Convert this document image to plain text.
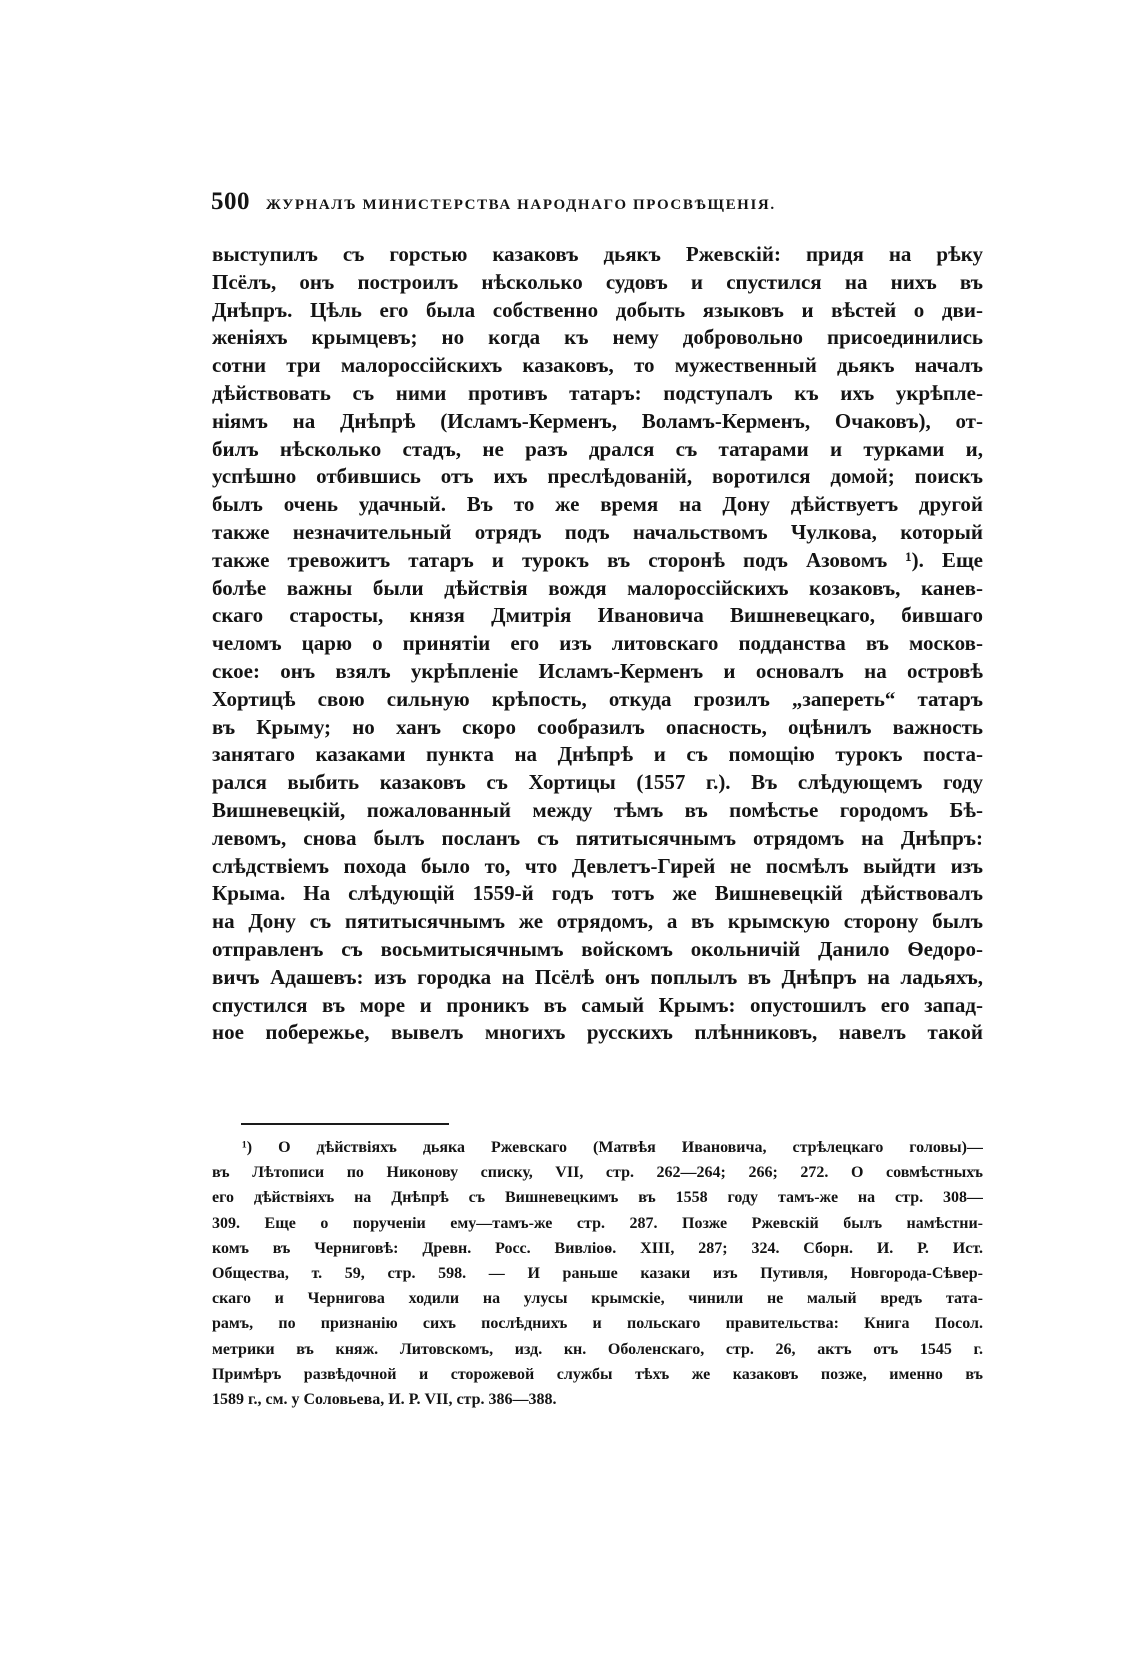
500 ЖУРНАЛЪ МИНИСТЕРСТВА НАРОДНАГО ПРОСВѢЩЕНІЯ.
выступилъ съ горстью казаковъ дьякъ Ржевскій: придя на рѣку
Псёлъ, онъ построилъ нѣсколько судовъ и спустился на нихъ въ
Днѣпръ. Цѣль его была собственно добыть языковъ и вѣстей о дви-
женіяхъ крымцевъ; но когда къ нему добровольно присоединились
сотни три малороссійскихъ казаковъ, то мужественный дьякъ началъ
дѣйствовать съ ними противъ татаръ: подступалъ къ ихъ укрѣпле-
ніямъ на Днѣпрѣ (Исламъ-Керменъ, Воламъ-Керменъ, Очаковъ), от-
билъ нѣсколько стадъ, не разъ дрался съ татарами и турками и,
успѣшно отбившись отъ ихъ преслѣдованій, воротился домой; поискъ
былъ очень удачный. Въ то же время на Дону дѣйствуетъ другой
также незначительный отрядъ подъ начальствомъ Чулкова, который
также тревожитъ татаръ и турокъ въ сторонѣ подъ Азовомъ ¹). Еще
болѣе важны были дѣйствія вождя малороссійскихъ козаковъ, канев-
скаго старосты, князя Дмитрія Ивановича Вишневецкаго, бившаго
челомъ царю о принятіи его изъ литовскаго подданства въ москов-
ское: онъ взялъ укрѣпленіе Исламъ-Керменъ и основалъ на островѣ
Хортицѣ свою сильную крѣпость, откуда грозилъ „запереть“ татаръ
въ Крыму; но ханъ скоро сообразилъ опасность, оцѣнилъ важность
занятаго казаками пункта на Днѣпрѣ и съ помощію турокъ поста-
рался выбить казаковъ съ Хортицы (1557 г.). Въ слѣдующемъ году
Вишневецкій, пожалованный между тѣмъ въ помѣстье городомъ Бѣ-
левомъ, снова былъ посланъ съ пятитысячнымъ отрядомъ на Днѣпръ:
слѣдствіемъ похода было то, что Девлетъ-Гирей не посмѣлъ выйдти изъ
Крыма. На слѣдующій 1559-й годъ тотъ же Вишневецкій дѣйствовалъ
на Дону съ пятитысячнымъ же отрядомъ, а въ крымскую сторону былъ
отправленъ съ восьмитысячнымъ войскомъ окольничій Данило Ѳедоро-
вичъ Адашевъ: изъ городка на Псёлѣ онъ поплылъ въ Днѣпръ на ладьяхъ,
спустился въ море и проникъ въ самый Крымъ: опустошилъ его запад-
ное побережье, вывелъ многихъ русскихъ плѣнниковъ, навелъ такой
¹) О дѣйствіяхъ дьяка Ржевскаго (Матвѣя Ивановича, стрѣлецкаго головы)—
въ Лѣтописи по Никонову списку, VII, стр. 262—264; 266; 272. О совмѣстныхъ
его дѣйствіяхъ на Днѣпрѣ съ Вишневецкимъ въ 1558 году тамъ-же на стр. 308—
309. Еще о порученіи ему—тамъ-же стр. 287. Позже Ржевскій былъ намѣстни-
комъ въ Черниговѣ: Древн. Росс. Вивліоѳ. XIII, 287; 324. Сборн. И. Р. Ист.
Общества, т. 59, стр. 598. — И раньше казаки изъ Путивля, Новгорода-Сѣвер-
скаго и Чернигова ходили на улусы крымскіе, чинили не малый вредъ тата-
рамъ, по признанію сихъ послѣднихъ и польскаго правительства: Книга Посол.
метрики въ княж. Литовскомъ, изд. кн. Оболенскаго, стр. 26, актъ отъ 1545 г.
Примѣръ развѣдочной и сторожевой службы тѣхъ же казаковъ позже, именно въ
1589 г., см. у Соловьева, И. Р. VII, стр. 386—388.
